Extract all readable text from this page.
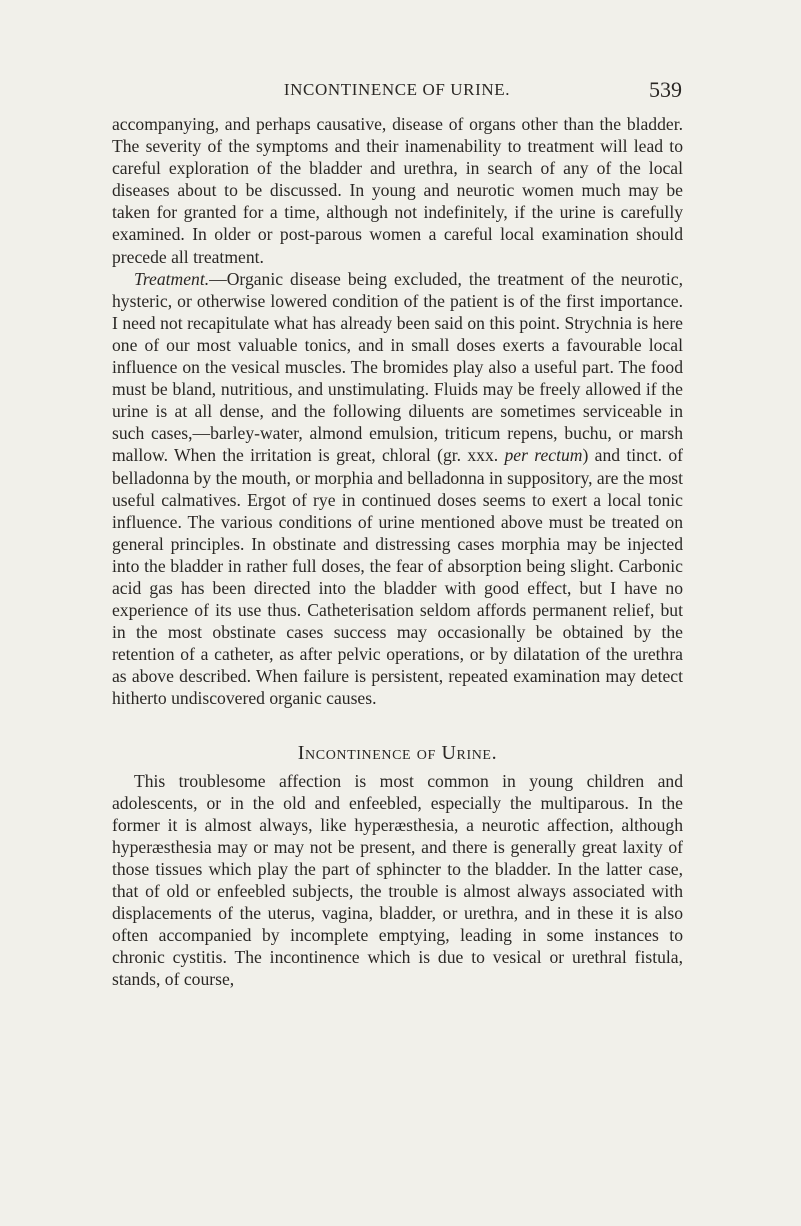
INCONTINENCE OF URINE.	539

accompanying, and perhaps causative, disease of organs other than the bladder. The severity of the symptoms and their inamenability to treatment will lead to careful exploration of the bladder and urethra, in search of any of the local diseases about to be discussed. In young and neurotic women much may be taken for granted for a time, although not indefinitely, if the urine is carefully examined. In older or post-parous women a careful local examination should precede all treatment.

Treatment.—Organic disease being excluded, the treatment of the neurotic, hysteric, or otherwise lowered condition of the patient is of the first importance. I need not recapitulate what has already been said on this point. Strychnia is here one of our most valuable tonics, and in small doses exerts a favourable local influence on the vesical muscles. The bromides play also a useful part. The food must be bland, nutritious, and unstimulating. Fluids may be freely allowed if the urine is at all dense, and the following diluents are sometimes serviceable in such cases,—barley-water, almond emulsion, triticum repens, buchu, or marsh mallow. When the irritation is great, chloral (gr. xxx. per rectum) and tinct. of belladonna by the mouth, or morphia and belladonna in suppository, are the most useful calmatives. Ergot of rye in continued doses seems to exert a local tonic influence. The various conditions of urine mentioned above must be treated on general principles. In obstinate and distressing cases morphia may be injected into the bladder in rather full doses, the fear of absorption being slight. Carbonic acid gas has been directed into the bladder with good effect, but I have no experience of its use thus. Catheterisation seldom affords permanent relief, but in the most obstinate cases success may occasionally be obtained by the retention of a catheter, as after pelvic operations, or by dilatation of the urethra as above described. When failure is persistent, repeated examination may detect hitherto undiscovered organic causes.

Incontinence of Urine.

This troublesome affection is most common in young children and adolescents, or in the old and enfeebled, especially the multiparous. In the former it is almost always, like hyperæsthesia, a neurotic affection, although hyperæsthesia may or may not be present, and there is generally great laxity of those tissues which play the part of sphincter to the bladder. In the latter case, that of old or enfeebled subjects, the trouble is almost always associated with displacements of the uterus, vagina, bladder, or urethra, and in these it is also often accompanied by incomplete emptying, leading in some instances to chronic cystitis. The incontinence which is due to vesical or urethral fistula, stands, of course,
